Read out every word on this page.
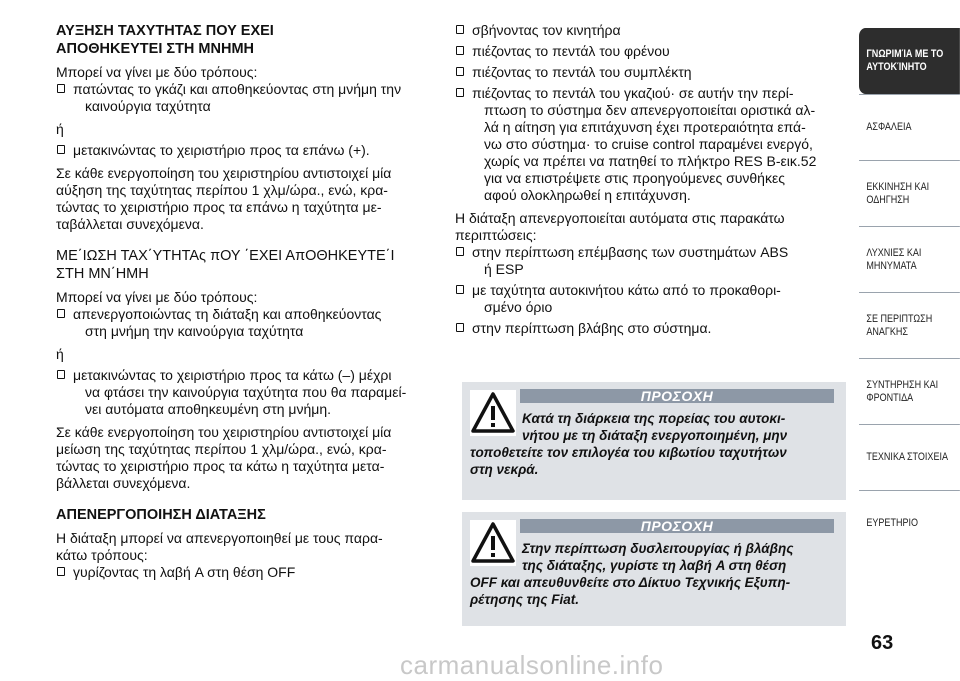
ΑΥΞΗΣΗ ΤΑΧΥΤΗΤΑΣ ΠΟΥ ΕΧΕΙ
ΑΠΟΘΗΚΕΥΤΕΙ ΣΤΗ ΜΝΗΜΗ

Μπορεί να γίνει με δύο τρόπους:

πατώντας το γκάζι και αποθηκεύοντας στη μνήμη την
καινούργια ταχύτητα

ή

μετακινώντας το χειριστήριο προς τα επάνω (+).

Σε κάθε ενεργοποίηση του χειριστηρίου αντιστοιχεί μία
αύξηση της ταχύτητας περίπου 1 χλμ/ώρα., ενώ, κρα-
τώντας το χειριστήριο προς τα επάνω η ταχύτητα με-
ταβάλλεται συνεχόμενα.

ΜΕ΄ΙΩΣΗ ΤΑΧ΄ΥΤΗΤΑς πΟΥ ΄ΕΧΕΙ ΑπΟΘΗΚΕΥΤΕ΄Ι
ΣΤΗ ΜΝ΄ΗΜΗ

Μπορεί να γίνει με δύο τρόπους:

απενεργοποιώντας τη διάταξη και αποθηκεύοντας
στη μνήμη την καινούργια ταχύτητα

ή

μετακινώντας το χειριστήριο προς τα κάτω (–) μέχρι
να φτάσει την καινούργια ταχύτητα που θα παραμεί-
νει αυτόματα αποθηκευμένη στη μνήμη.

Σε κάθε ενεργοποίηση του χειριστηρίου αντιστοιχεί μία
μείωση της ταχύτητας περίπου 1 χλμ/ώρα., ενώ, κρα-
τώντας το χειριστήριο προς τα κάτω η ταχύτητα μετα-
βάλλεται συνεχόμενα.

ΑΠΕΝΕΡΓΟΠΟΙΗΣΗ ΔΙΑΤΑΞΗΣ

Η διάταξη μπορεί να απενεργοποιηθεί με τους παρα-
κάτω τρόπους:

γυρίζοντας τη λαβή A στη θέση OFF
σβήνοντας τον κινητήρα
πιέζοντας το πεντάλ του φρένου
πιέζοντας το πεντάλ του συμπλέκτη
πιέζοντας το πεντάλ του γκαζιού· σε αυτήν την περί-
πτωση το σύστημα δεν απενεργοποιείται οριστικά αλ-
λά η αίτηση για επιτάχυνση έχει προτεραιότητα επά-
νω στο σύστημα· το cruise control παραμένει ενεργό,
χωρίς να πρέπει να πατηθεί το πλήκτρο RES B-εικ.52
για να επιστρέψετε στις προηγούμενες συνθήκες
αφού ολοκληρωθεί η επιτάχυνση.

Η διάταξη απενεργοποιείται αυτόματα στις παρακάτω
περιπτώσεις:

στην περίπτωση επέμβασης των συστημάτων ABS
ή ESP
με ταχύτητα αυτοκινήτου κάτω από το προκαθορι-
σμένο όριο
στην περίπτωση βλάβης στο σύστημα.
ΠΡΟΣΟΧΗ
Κατά τη διάρκεια της πορείας του αυτοκι-
νήτου με τη διάταξη ενεργοποιημένη, μην
τοποθετείτε τον επιλογέα του κιβωτίου ταχυτήτων
στη νεκρά.
ΠΡΟΣΟΧΗ
Στην περίπτωση δυσλειτουργίας ή βλάβης
της διάταξης, γυρίστε τη λαβή A στη θέση
OFF και απευθυνθείτε στο Δίκτυο Τεχνικής Εξυπη-
ρέτησης της Fiat.
ΓΝΩΡΙΜΊΑ ΜΕ ΤΟ
ΑΥΤΟΚΊΝΗΤΟ
ΑΣΦΑΛΕΙΑ
ΕΚΚΙΝΗΣΗ ΚΑΙ
ΟΔΗΓΗΣΗ
ΛΥΧΝΙΕΣ ΚΑΙ
ΜΗΝΥΜΑΤΑ
ΣΕ ΠΕΡΙΠΤΩΣΗ
ΑΝΑΓΚΗΣ
ΣΥΝΤΗΡΗΣΗ ΚΑΙ
ΦΡΟΝΤΙΔΑ
ΤΕΧΝΙΚΑ ΣΤΟΙΧΕΙΑ
ΕΥΡΕΤΗΡΙΟ
63
carmanualsonline.info
